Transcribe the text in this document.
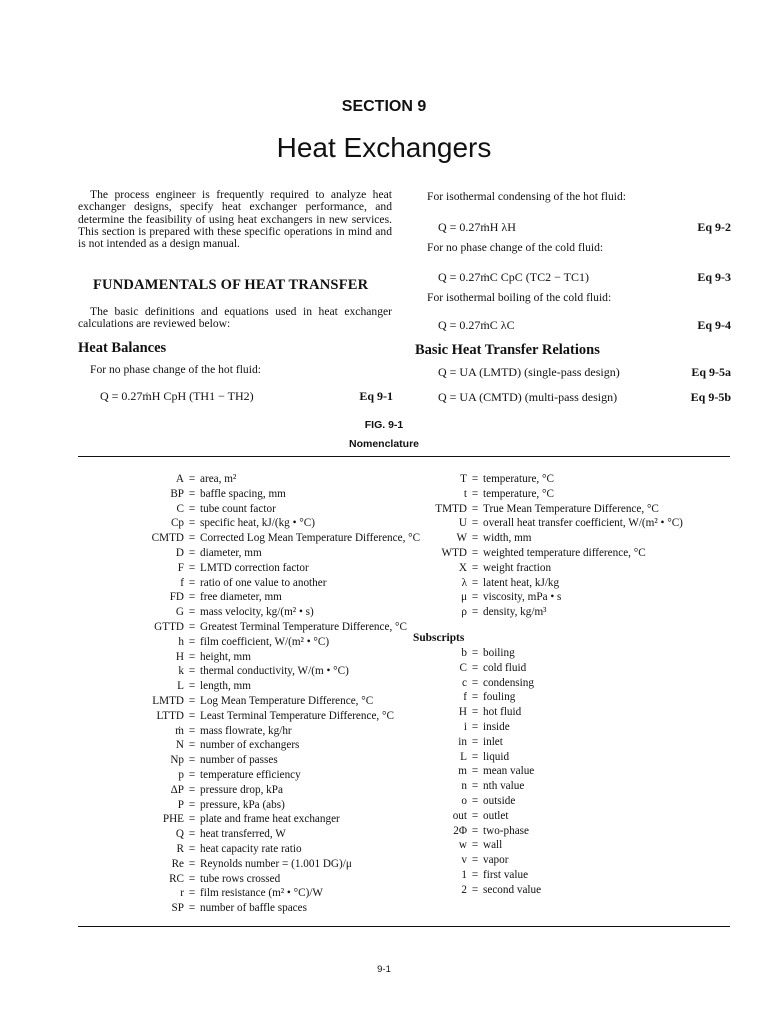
SECTION 9
Heat Exchangers
The process engineer is frequently required to analyze heat exchanger designs, specify heat exchanger performance, and determine the feasibility of using heat exchangers in new services. This section is prepared with these specific operations in mind and is not intended as a design manual.
FUNDAMENTALS OF HEAT TRANSFER
The basic definitions and equations used in heat exchanger calculations are reviewed below:
Heat Balances
For no phase change of the hot fluid:
Q = 0.27ṁH CpH (TH1 − TH2)	Eq 9-1
For isothermal condensing of the hot fluid:
Q = 0.27ṁH λH	Eq 9-2
For no phase change of the cold fluid:
Q = 0.27ṁC CpC (TC2 − TC1)	Eq 9-3
For isothermal boiling of the cold fluid:
Q = 0.27ṁC λC	Eq 9-4
Basic Heat Transfer Relations
Q = UA (LMTD) (single-pass design)	Eq 9-5a
Q = UA (CMTD) (multi-pass design)	Eq 9-5b
FIG. 9-1
Nomenclature
A = area, m²
BP = baffle spacing, mm
C = tube count factor
Cp = specific heat, kJ/(kg • °C)
CMTD = Corrected Log Mean Temperature Difference, °C
D = diameter, mm
F = LMTD correction factor
f = ratio of one value to another
FD = free diameter, mm
G = mass velocity, kg/(m² • s)
GTTD = Greatest Terminal Temperature Difference, °C
h = film coefficient, W/(m² • °C)
H = height, mm
k = thermal conductivity, W/(m • °C)
L = length, mm
LMTD = Log Mean Temperature Difference, °C
LTTD = Least Terminal Temperature Difference, °C
ṁ = mass flowrate, kg/hr
N = number of exchangers
Np = number of passes
p = temperature efficiency
ΔP = pressure drop, kPa
P = pressure, kPa (abs)
PHE = plate and frame heat exchanger
Q = heat transferred, W
R = heat capacity rate ratio
Re = Reynolds number = (1.001 DG)/μ
RC = tube rows crossed
r = film resistance (m² • °C)/W
SP = number of baffle spaces
T = temperature, °C
t = temperature, °C
TMTD = True Mean Temperature Difference, °C
U = overall heat transfer coefficient, W/(m² • °C)
W = width, mm
WTD = weighted temperature difference, °C
X = weight fraction
λ = latent heat, kJ/kg
μ = viscosity, mPa • s
ρ = density, kg/m³
Subscripts
b = boiling
C = cold fluid
c = condensing
f = fouling
H = hot fluid
i = inside
in = inlet
L = liquid
m = mean value
n = nth value
o = outside
out = outlet
2Φ = two-phase
w = wall
v = vapor
1 = first value
2 = second value
9-1
